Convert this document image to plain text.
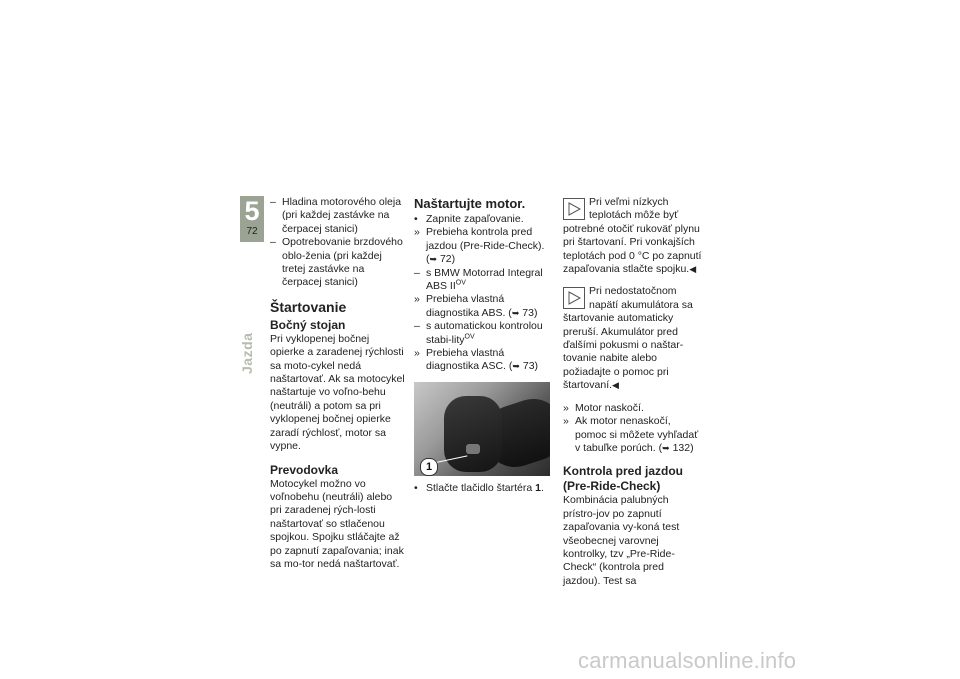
5
72
Jazda

– Hladina motorového oleja (pri každej zastávke na čerpacej stanici)

– Opotrebovanie brzdového oblo-ženia (pri každej tretej zastávke na čerpacej stanici)

Štartovanie
Bočný stojan

Pri vyklopenej bočnej opierke a zaradenej rýchlosti sa moto-cykel nedá naštartovať. Ak sa motocykel naštartuje vo voľno-behu (neutráli) a potom sa pri vyklopenej bočnej opierke zaradí rýchlosť, motor sa vypne.

Prevodovka

Motocykel možno vo voľnobehu (neutráli) alebo pri zaradenej rých-losti naštartovať so stlačenou spojkou. Spojku stláčajte až po zapnutí zapaľovania; inak sa mo-tor nedá naštartovať.

Naštartujte motor.

• Zapnite zapaľovanie.

» Prebieha kontrola pred jazdou (Pre-Ride-Check). (➥ 72)

– s BMW Motorrad Integral ABS $II^{OV}$

» Prebieha vlastná diagnostika ABS. (➥ 73)

– s automatickou kontrolou stabi-lity$^{OV}$

» Prebieha vlastná diagnostika ASC. (➥ 73)

1

• Stlačte tlačidlo štartéra 1.

Pri veľmi nízkych teplotách môže byť potrebné otočiť rukoväť plynu pri štartovaní. Pri vonkajších teplotách pod 0 °C po zapnutí zapaľovania stlačte spojku.◀

Pri nedostatočnom napätí akumulátora sa štartovanie automaticky preruší. Akumulátor pred ďalšími pokusmi o naštar-tovanie nabite alebo požiadajte o pomoc pri štartovaní.◀

» Motor naskočí.

» Ak motor nenaskočí, pomoc si môžete vyhľadať v tabuľke porúch. (➥ 132)

Kontrola pred jazdou (Pre-Ride-Check)

Kombinácia palubných prístro-jov po zapnutí zapaľovania vy-koná test všeobecnej varovnej kontrolky, tzv „Pre-Ride-Check“ (kontrola pred jazdou). Test sa

carmanualsonline.info
